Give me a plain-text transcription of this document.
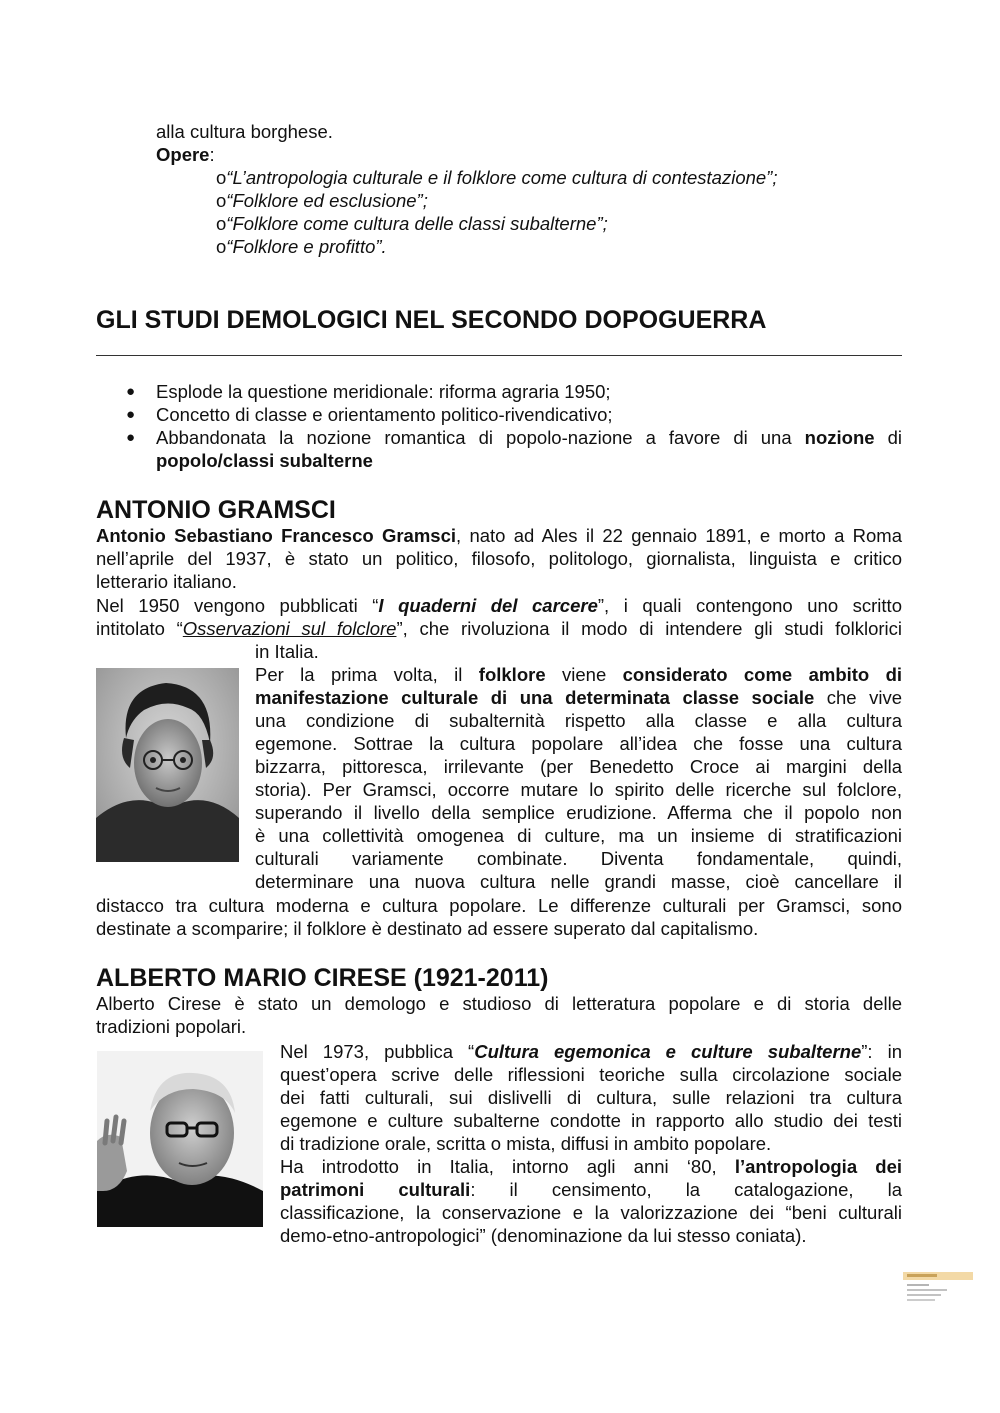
alla cultura borghese.
Opere:
o“L’antropologia culturale e il folklore come cultura di contestazione”;
o“Folklore ed esclusione”;
o“Folklore come cultura delle classi subalterne”;
o“Folklore e profitto”.
GLI STUDI DEMOLOGICI NEL SECONDO DOPOGUERRA
● Esplode la questione meridionale: riforma agraria 1950;
● Concetto di classe e orientamento politico-rivendicativo;
● Abbandonata la nozione romantica di popolo-nazione a favore di una nozione di
popolo/classi subalterne
ANTONIO GRAMSCI
Antonio Sebastiano Francesco Gramsci, nato ad Ales il 22 gennaio 1891, e morto a Roma
nell’aprile del 1937, è stato un politico, filosofo, politologo, giornalista, linguista e critico
letterario italiano.
Nel 1950 vengono pubblicati “I quaderni del carcere”, i quali contengono uno scritto
intitolato “Osservazioni sul folclore”, che rivoluziona il modo di intendere gli studi folklorici
in Italia.
Per la prima volta, il folklore viene considerato come ambito di
manifestazione culturale di una determinata classe sociale che vive
una condizione di subalternità rispetto alla classe e alla cultura
egemone. Sottrae la cultura popolare all’idea che fosse una cultura
bizzarra, pittoresca, irrilevante (per Benedetto Croce ai margini della
storia). Per Gramsci, occorre mutare lo spirito delle ricerche sul folclore,
superando il livello della semplice erudizione. Afferma che il popolo non
è una collettività omogenea di culture, ma un insieme di stratificazioni
culturali variamente combinate. Diventa fondamentale, quindi,
determinare una nuova cultura nelle grandi masse, cioè cancellare il
distacco tra cultura moderna e cultura popolare. Le differenze culturali per Gramsci, sono
destinate a scomparire; il folklore è destinato ad essere superato dal capitalismo.
ALBERTO MARIO CIRESE (1921-2011)
Alberto Cirese è stato un demologo e studioso di letteratura popolare e di storia delle
tradizioni popolari.
Nel 1973, pubblica “Cultura egemonica e culture subalterne”: in
quest’opera scrive delle riflessioni teoriche sulla circolazione sociale
dei fatti culturali, sui dislivelli di cultura, sulle relazioni tra cultura
egemone e culture subalterne condotte in rapporto allo studio dei testi
di tradizione orale, scritta o mista, diffusi in ambito popolare.
Ha introdotto in Italia, intorno agli anni ‘80, l’antropologia dei
patrimoni culturali: il censimento, la catalogazione, la
classificazione, la conservazione e la valorizzazione dei “beni culturali
demo-etno-antropologici” (denominazione da lui stesso coniata).
